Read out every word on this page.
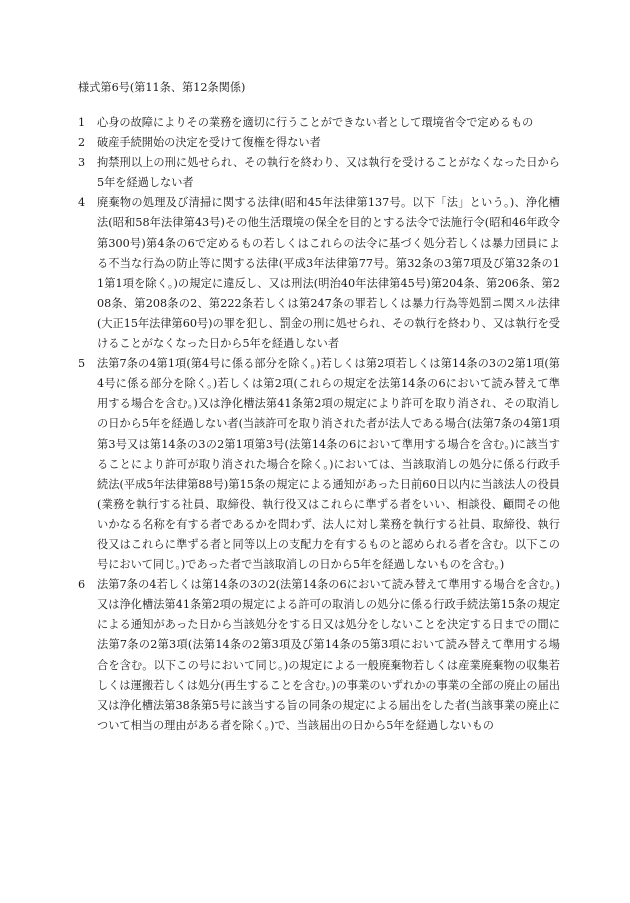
様式第6号(第11条、第12条関係)
1	心身の故障によりその業務を適切に行うことができない者として環境省令で定めるもの
2	破産手続開始の決定を受けて復権を得ない者
3	拘禁刑以上の刑に処せられ、その執行を終わり、又は執行を受けることがなくなった日から5年を経過しない者
4	廃棄物の処理及び清掃に関する法律(昭和45年法律第137号。以下「法」という。)、浄化槽法(昭和58年法律第43号)その他生活環境の保全を目的とする法令で法施行令(昭和46年政令第300号)第4条の6で定めるもの若しくはこれらの法令に基づく処分若しくは暴力団員による不当な行為の防止等に関する法律(平成3年法律第77号。第32条の3第7項及び第32条の11第1項を除く。)の規定に違反し、又は刑法(明治40年法律第45号)第204条、第206条、第208条、第208条の2、第222条若しくは第247条の罪若しくは暴力行為等処罰ニ関スル法律(大正15年法律第60号)の罪を犯し、罰金の刑に処せられ、その執行を終わり、又は執行を受けることがなくなった日から5年を経過しない者
5	法第7条の4第1項(第4号に係る部分を除く。)若しくは第2項若しくは第14条の3の2第1項(第4号に係る部分を除く。)若しくは第2項(これらの規定を法第14条の6において読み替えて準用する場合を含む。)又は浄化槽法第41条第2項の規定により許可を取り消され、その取消しの日から5年を経過しない者(当該許可を取り消された者が法人である場合(法第7条の4第1項第3号又は第14条の3の2第1項第3号(法第14条の6において準用する場合を含む。)に該当することにより許可が取り消された場合を除く。)においては、当該取消しの処分に係る行政手続法(平成5年法律第88号)第15条の規定による通知があった日前60日以内に当該法人の役員(業務を執行する社員、取締役、執行役又はこれらに準ずる者をいい、相談役、顧問その他いかなる名称を有する者であるかを問わず、法人に対し業務を執行する社員、取締役、執行役又はこれらに準ずる者と同等以上の支配力を有するものと認められる者を含む。以下この号において同じ。)であった者で当該取消しの日から5年を経過しないものを含む。)
6	法第7条の4若しくは第14条の3の2(法第14条の6において読み替えて準用する場合を含む。)又は浄化槽法第41条第2項の規定による許可の取消しの処分に係る行政手続法第15条の規定による通知があった日から当該処分をする日又は処分をしないことを決定する日までの間に法第7条の2第3項(法第14条の2第3項及び第14条の5第3項において読み替えて準用する場合を含む。以下この号において同じ。)の規定による一般廃棄物若しくは産業廃棄物の収集若しくは運搬若しくは処分(再生することを含む。)の事業のいずれかの事業の全部の廃止の届出又は浄化槽法第38条第5号に該当する旨の同条の規定による届出をした者(当該事業の廃止について相当の理由がある者を除く。)で、当該届出の日から5年を経過しないもの
